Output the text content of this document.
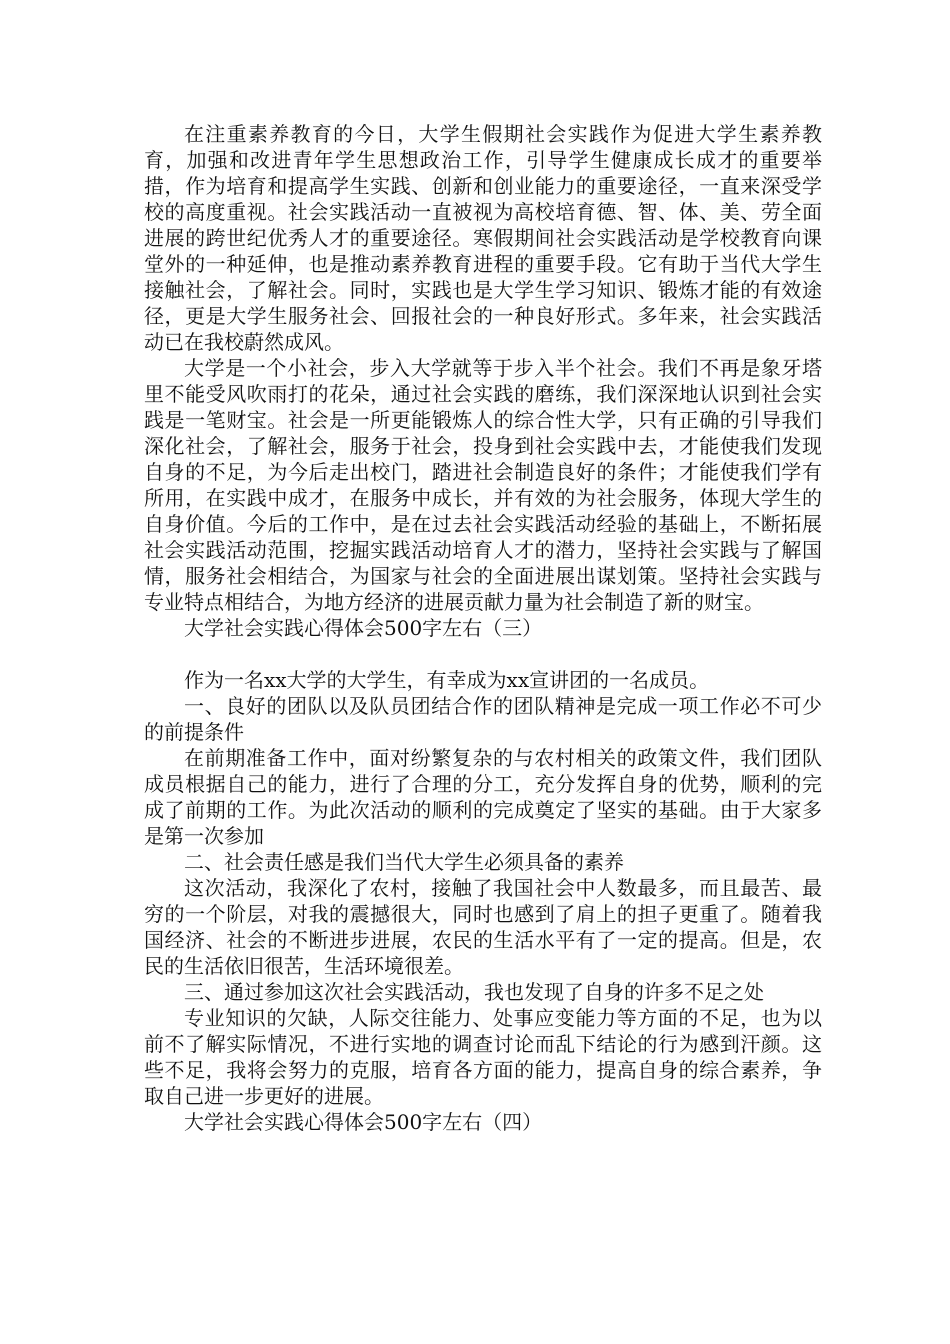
在注重素养教育的今日，大学生假期社会实践作为促进大学生素养教育，加强和改进青年学生思想政治工作，引导学生健康成长成才的重要举措，作为培育和提高学生实践、创新和创业能力的重要途径，一直来深受学校的高度重视。社会实践活动一直被视为高校培育德、智、体、美、劳全面进展的跨世纪优秀人才的重要途径。寒假期间社会实践活动是学校教育向课堂外的一种延伸，也是推动素养教育进程的重要手段。它有助于当代大学生接触社会，了解社会。同时，实践也是大学生学习知识、锻炼才能的有效途径，更是大学生服务社会、回报社会的一种良好形式。多年来，社会实践活动已在我校蔚然成风。

大学是一个小社会，步入大学就等于步入半个社会。我们不再是象牙塔里不能受风吹雨打的花朵，通过社会实践的磨练，我们深深地认识到社会实践是一笔财宝。社会是一所更能锻炼人的综合性大学，只有正确的引导我们深化社会，了解社会，服务于社会，投身到社会实践中去，才能使我们发现自身的不足，为今后走出校门，踏进社会制造良好的条件；才能使我们学有所用，在实践中成才，在服务中成长，并有效的为社会服务，体现大学生的自身价值。今后的工作中，是在过去社会实践活动经验的基础上，不断拓展社会实践活动范围，挖掘实践活动培育人才的潜力，坚持社会实践与了解国情，服务社会相结合，为国家与社会的全面进展出谋划策。坚持社会实践与专业特点相结合，为地方经济的进展贡献力量为社会制造了新的财宝。

大学社会实践心得体会500字左右（三）

作为一名xx大学的大学生，有幸成为xx宣讲团的一名成员。

一、良好的团队以及队员团结合作的团队精神是完成一项工作必不可少的前提条件

在前期准备工作中，面对纷繁复杂的与农村相关的政策文件，我们团队成员根据自己的能力，进行了合理的分工，充分发挥自身的优势，顺利的完成了前期的工作。为此次活动的顺利的完成奠定了坚实的基础。由于大家多是第一次参加

二、社会责任感是我们当代大学生必须具备的素养

这次活动，我深化了农村，接触了我国社会中人数最多，而且最苦、最穷的一个阶层，对我的震撼很大，同时也感到了肩上的担子更重了。随着我国经济、社会的不断进步进展，农民的生活水平有了一定的提高。但是，农民的生活依旧很苦，生活环境很差。

三、通过参加这次社会实践活动，我也发现了自身的许多不足之处

专业知识的欠缺，人际交往能力、处事应变能力等方面的不足，也为以前不了解实际情况，不进行实地的调查讨论而乱下结论的行为感到汗颜。这些不足，我将会努力的克服，培育各方面的能力，提高自身的综合素养，争取自己进一步更好的进展。

大学社会实践心得体会500字左右（四）
